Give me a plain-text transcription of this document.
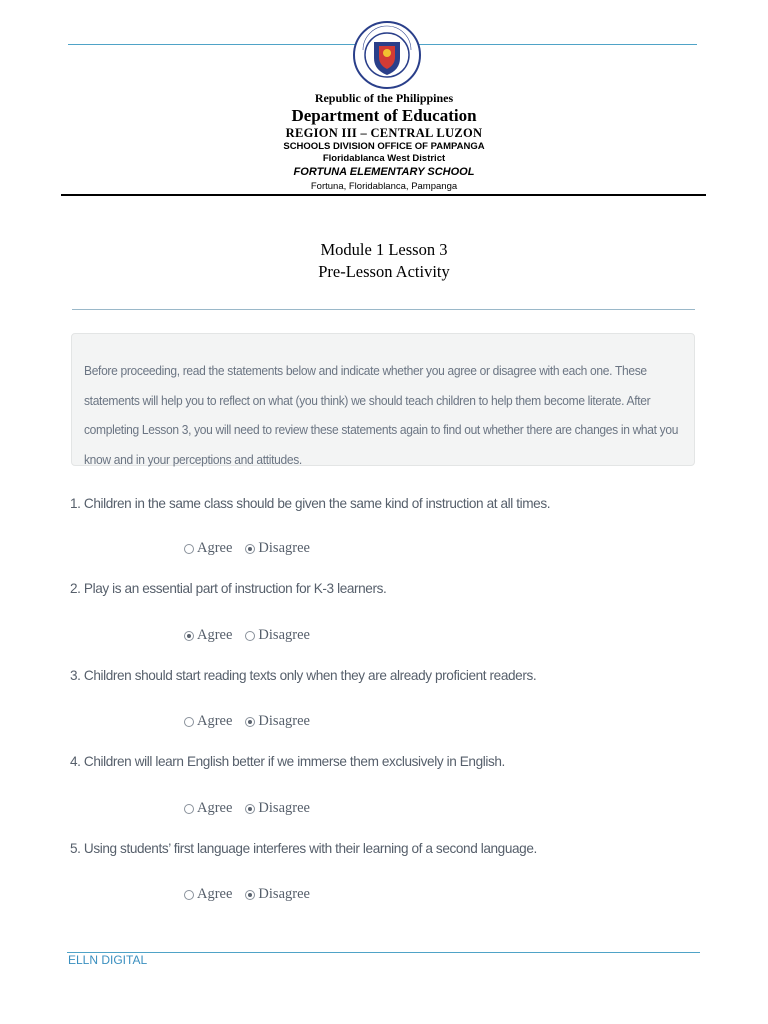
Republic of the Philippines
Department of Education
REGION III – CENTRAL LUZON
SCHOOLS DIVISION OFFICE OF PAMPANGA
Floridablanca West District
FORTUNA ELEMENTARY SCHOOL
Fortuna, Floridablanca, Pampanga
Module 1 Lesson 3
Pre-Lesson Activity
Before proceeding, read the statements below and indicate whether you agree or disagree with each one. These statements will help you to reflect on what (you think) we should teach children to help them become literate. After completing Lesson 3, you will need to review these statements again to find out whether there are changes in what you know and in your perceptions and attitudes.
1. Children in the same class should be given the same kind of instruction at all times.
Agree Disagree
2. Play is an essential part of instruction for K-3 learners.
Agree Disagree
3. Children should start reading texts only when they are already proficient readers.
Agree Disagree
4. Children will learn English better if we immerse them exclusively in English.
Agree Disagree
5. Using students’ first language interferes with their learning of a second language.
Agree Disagree
ELLN DIGITAL
